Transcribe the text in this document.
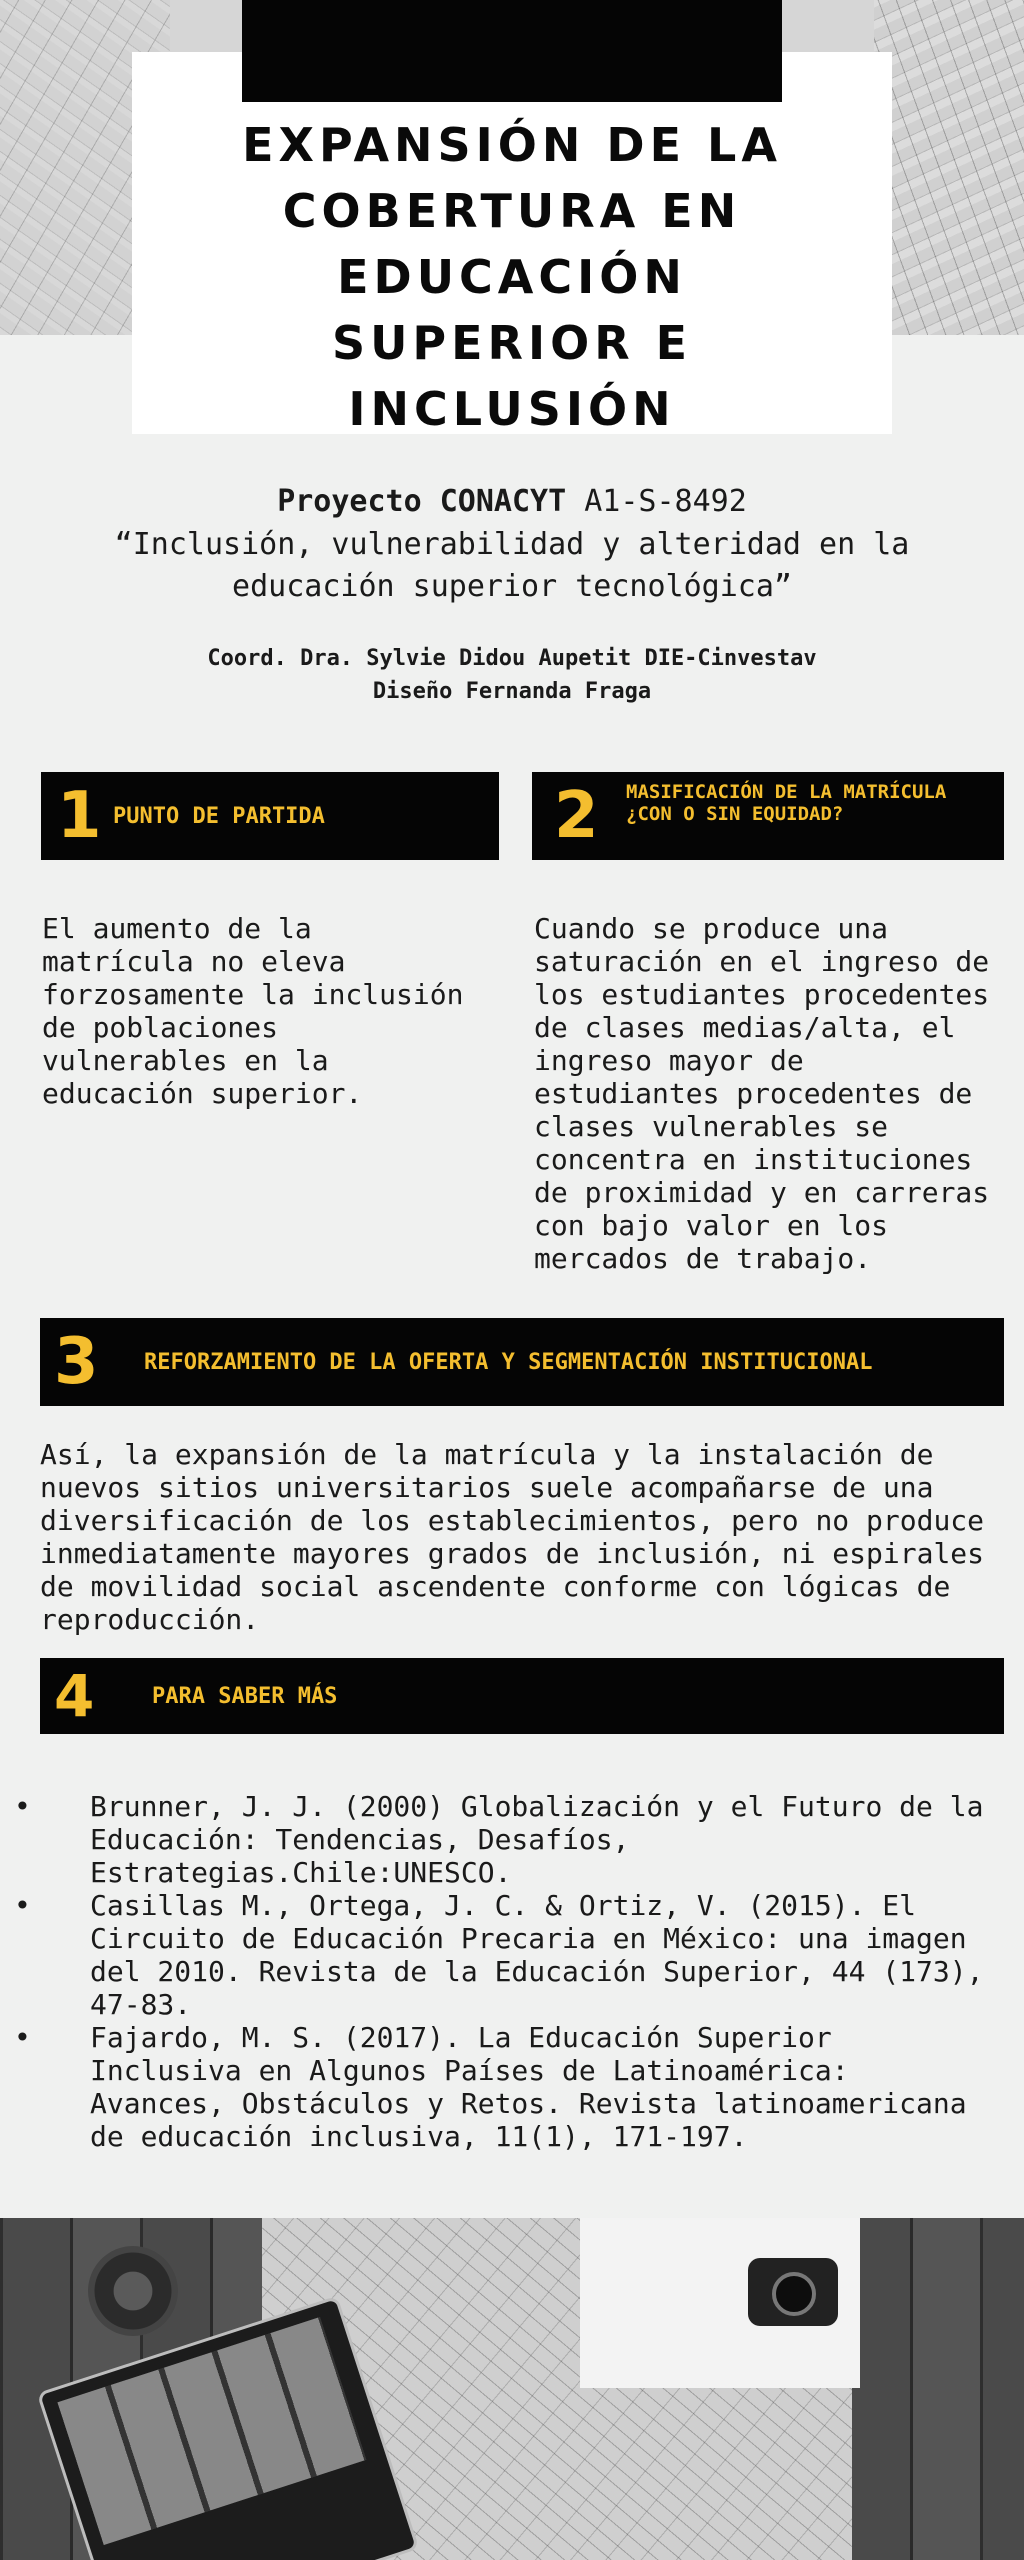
EXPANSIÓN DE LA
COBERTURA EN
EDUCACIÓN
SUPERIOR E
INCLUSIÓN
Proyecto CONACYT A1-S-8492
“Inclusión, vulnerabilidad y alteridad en la educación superior tecnológica”
Coord. Dra. Sylvie Didou Aupetit DIE-Cinvestav
Diseño Fernanda Fraga
1 PUNTO DE PARTIDA	2	MASIFICACIÓN DE LA MATRÍCULA
¿CON O SIN EQUIDAD?

El aumento de la matrícula no eleva forzosamente la inclusión de poblaciones vulnerables en la educación superior.

Cuando se produce una saturación en el ingreso de los estudiantes procedentes de clases medias/alta, el ingreso mayor de estudiantes procedentes de clases vulnerables se concentra en instituciones de proximidad y en carreras con bajo valor en los mercados de trabajo.

3	REFORZAMIENTO DE LA OFERTA Y SEGMENTACIÓN INSTITUCIONAL

Así, la expansión de la matrícula y la instalación de nuevos sitios universitarios suele acompañarse de una diversificación de los establecimientos, pero no produce inmediatamente mayores grados de inclusión, ni espirales de movilidad social ascendente conforme con lógicas de reproducción.

4	PARA SABER MÁS
• Brunner, J. J. (2000) Globalización y el Futuro de la Educación: Tendencias, Desafíos, Estrategias.Chile:UNESCO.
• Casillas M., Ortega, J. C. & Ortiz, V. (2015). El Circuito de Educación Precaria en México: una imagen del 2010. Revista de la Educación Superior, 44 (173), 47-83.
• Fajardo, M. S. (2017). La Educación Superior Inclusiva en Algunos Países de Latinoamérica: Avances, Obstáculos y Retos. Revista latinoamericana de educación inclusiva, 11(1), 171-197.
